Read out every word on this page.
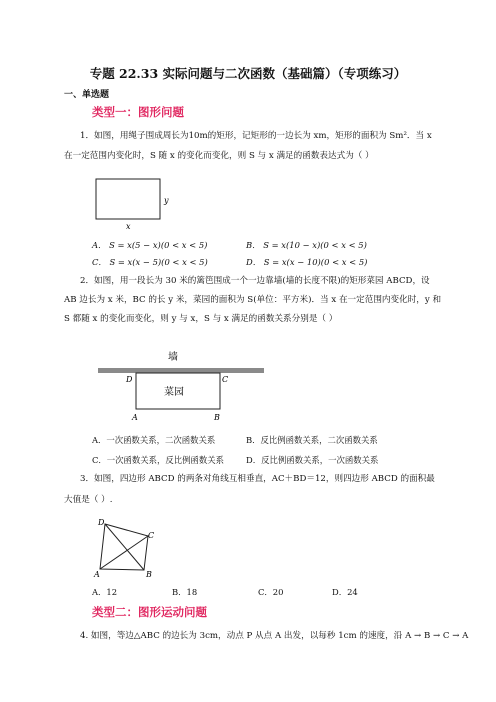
专题 22.33 实际问题与二次函数（基础篇）（专项练习）
一、单选题
类型一：图形问题
1．如图，用绳子围成周长为10m的矩形，记矩形的一边长为 xm，矩形的面积为 Sm²．当 x
在一定范围内变化时，S 随 x 的变化而变化，则 S 与 x 满足的函数表达式为（ ）
y
x
A． S = x(5 − x)(0 < x < 5)	B． S = x(10 − x)(0 < x < 5)
C． S = x(x − 5)(0 < x < 5)	D． S = x(x − 10)(0 < x < 5)
2．如图，用一段长为 30 米的篱笆围成一个一边靠墙(墙的长度不限)的矩形菜园 ABCD，设
AB 边长为 x 米，BC 的长 y 米，菜园的面积为 S(单位：平方米)．当 x 在一定范围内变化时，y 和
S 都随 x 的变化而变化，则 y 与 x，S 与 x 满足的函数关系分别是（ ）
墙
菜园
D	C
A	B
A．一次函数关系，二次函数关系	B．反比例函数关系，二次函数关系
C．一次函数关系，反比例函数关系	D．反比例函数关系，一次函数关系
3．如图，四边形 ABCD 的两条对角线互相垂直，AC＋BD＝12，则四边形 ABCD 的面积最
大值是（ ）.
D
C
A	B
A．12	B．18	C．20	D．24
类型二：图形运动问题
4. 如图，等边△ABC 的边长为 3cm，动点 P 从点 A 出发，以每秒 1cm 的速度，沿 A → B → C → A
